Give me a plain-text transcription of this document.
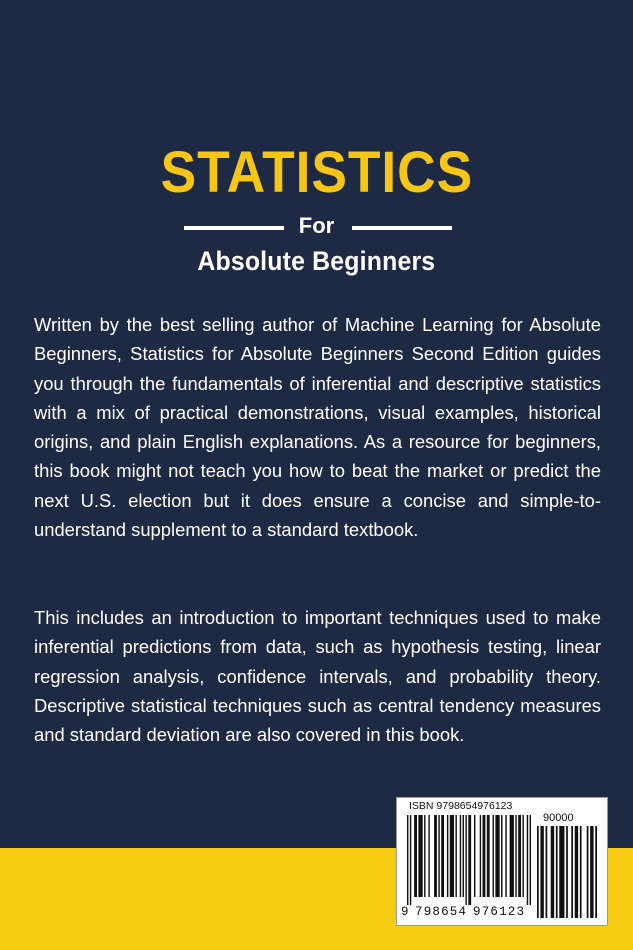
STATISTICS
For
Absolute Beginners
Written by the best selling author of Machine Learning for Absolute Beginners, Statistics for Absolute Beginners Second Edition guides you through the fundamentals of inferential and descriptive statistics with a mix of practical demonstrations, visual examples, historical origins, and plain English explanations. As a resource for beginners, this book might not teach you how to beat the market or predict the next U.S. election but it does ensure a concise and simple-to-understand supplement to a standard textbook.
This includes an introduction to important techniques used to make inferential predictions from data, such as hypothesis testing, linear regression analysis, confidence intervals, and probability theory. Descriptive statistical techniques such as central tendency measures and standard deviation are also covered in this book.
ISBN 9798654976123
90000
9 798654 976123
